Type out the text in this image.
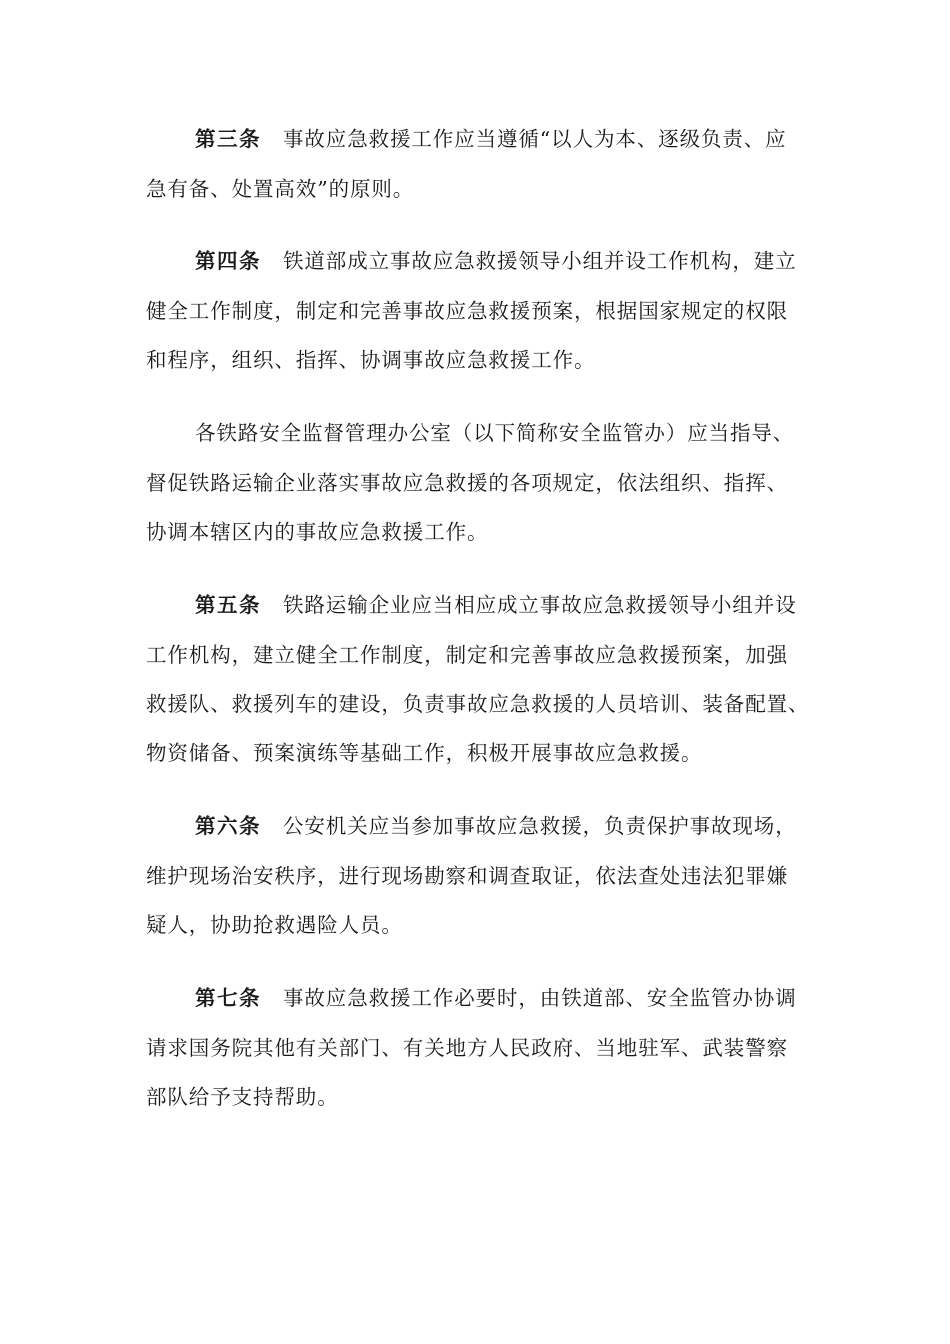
第三条 事故应急救援工作应当遵循“以人为本、逐级负责、应
急有备、处置高效”的原则。
第四条 铁道部成立事故应急救援领导小组并设工作机构，建立
健全工作制度，制定和完善事故应急救援预案，根据国家规定的权限
和程序，组织、指挥、协调事故应急救援工作。
各铁路安全监督管理办公室（以下简称安全监管办）应当指导、
督促铁路运输企业落实事故应急救援的各项规定，依法组织、指挥、
协调本辖区内的事故应急救援工作。
第五条 铁路运输企业应当相应成立事故应急救援领导小组并设
工作机构，建立健全工作制度，制定和完善事故应急救援预案，加强
救援队、救援列车的建设，负责事故应急救援的人员培训、装备配置、
物资储备、预案演练等基础工作，积极开展事故应急救援。
第六条 公安机关应当参加事故应急救援，负责保护事故现场，
维护现场治安秩序，进行现场勘察和调查取证，依法查处违法犯罪嫌
疑人，协助抢救遇险人员。
第七条 事故应急救援工作必要时，由铁道部、安全监管办协调
请求国务院其他有关部门、有关地方人民政府、当地驻军、武装警察
部队给予支持帮助。
